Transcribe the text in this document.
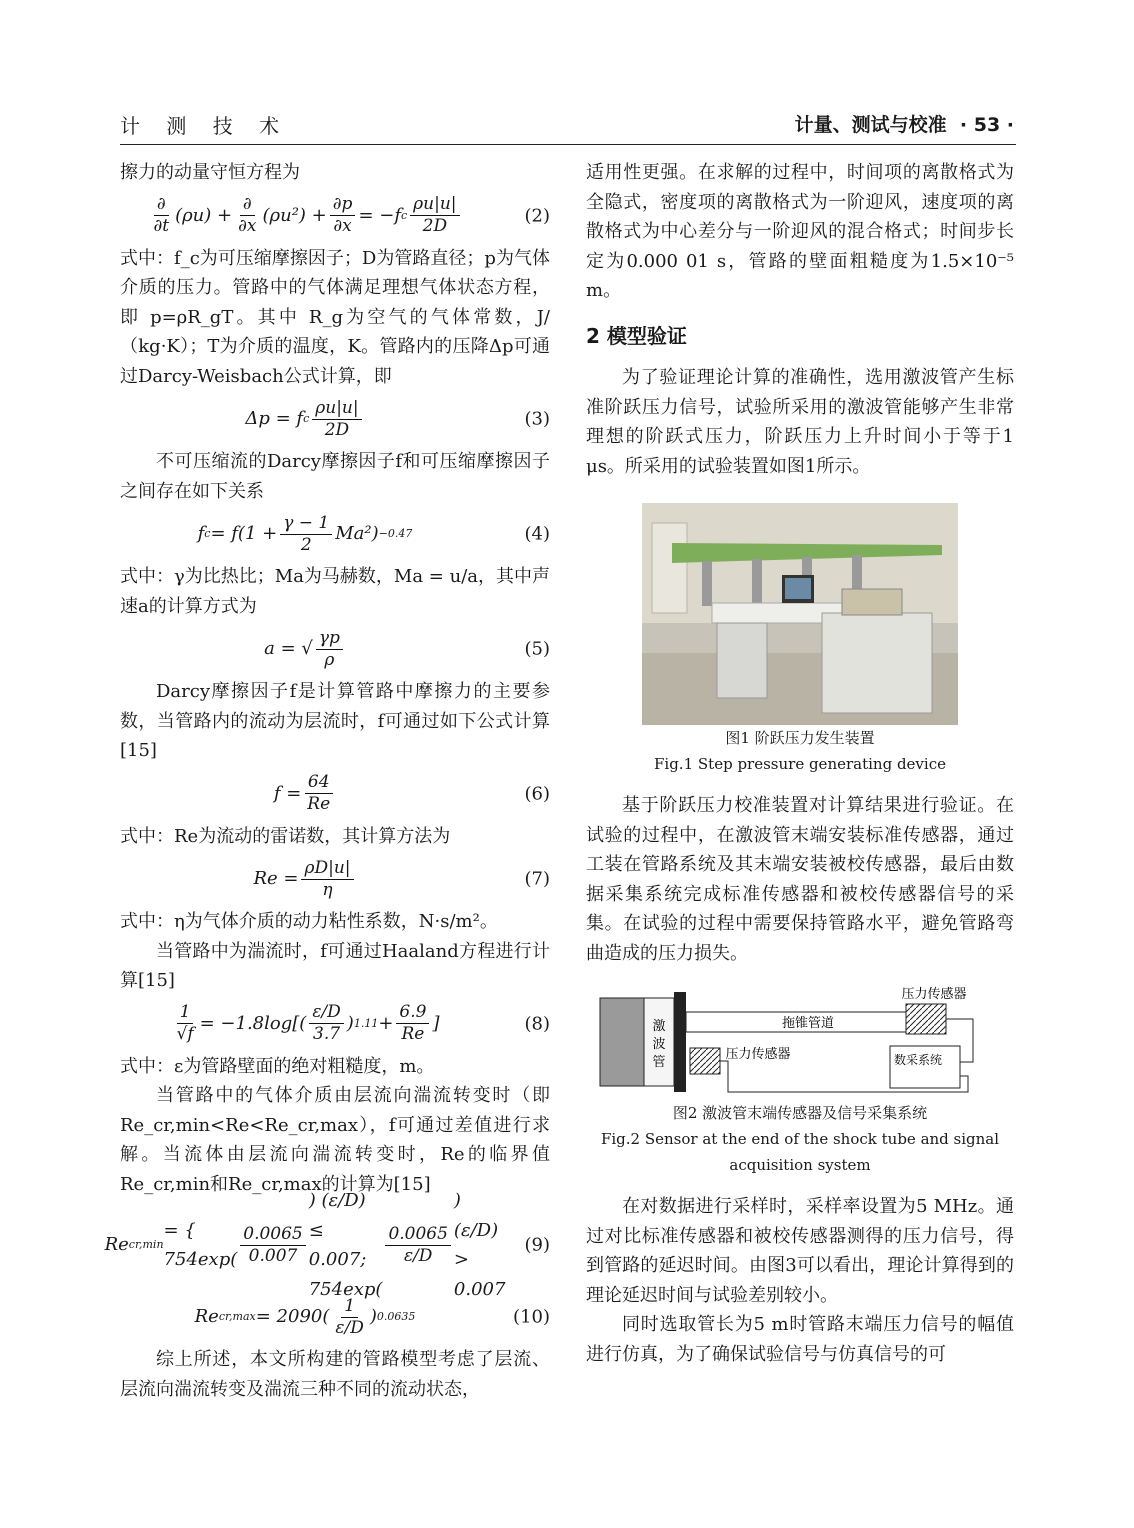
计 测 技 术	计量、测试与校准 · 53 ·

擦力的动量守恒方程为

$\frac{\partial}{\partial t} (\rho u) + \frac{\partial}{\partial x} (\rho u^2) + \frac{\partial p}{\partial x} = -f$ c $\frac{\rho u|u|}{2D}$	(2)

式中：f_c为可压缩摩擦因子；D为管路直径；p为气体介质的压力。管路中的气体满足理想气体状态方程，即 p=ρR_gT。其中 R_g为空气的气体常数，J/（kg·K）；T为介质的温度，K。管路内的压降Δp可通过Darcy-Weisbach公式计算，即

Δp = f c $\frac{\rho u|u|}{2D}$	(3)

不可压缩流的Darcy摩擦因子f和可压缩摩擦因子之间存在如下关系

f $c = f(1 + \frac{\gamma - 1}{2} Ma^2) -0.47$	(4)

式中：γ为比热比；Ma为马赫数，Ma = u/a，其中声速a的计算方式为

a = √ $\frac{\gamma p}{\rho}$	(5)

Darcy摩擦因子f是计算管路中摩擦力的主要参数，当管路内的流动为层流时，f可通过如下公式计算[15]

$f = \frac{64}{Re}$	(6)

式中：Re为流动的雷诺数，其计算方法为

$Re = \frac{\rho D|u|}{\eta}$	(7)

式中：η为气体介质的动力粘性系数，N·s/m²。

当管路中为湍流时，f可通过Haaland方程进行计算[15]

$\frac{1}{√f} = -1.8\log[( \frac{\varepsilon/D}{3.7}$ ) $1.11 + \frac{6.9}{Re}$ ]	(8)

式中：ε为管路壁面的绝对粗糙度，m。

当管路中的气体介质由层流向湍流转变时（即Re_cr,min<Re<Re_cr,max），f可通过差值进行求解。当流体由层流向湍流转变时，Re的临界值Re_cr,min和Re_cr,max的计算为[15]

Re cr,min
= { $754\exp( \frac{0.0065}{0.007}$
) (ε/D) ≤ 0.007; 754exp(
$\frac{0.0065}{\varepsilon/D}$
) (ε/D) > 0.007
(9)
Re $cr,\max = 2090( \frac{1}{\varepsilon/D}$ ) 0.0635	(10)

综上所述，本文所构建的管路模型考虑了层流、层流向湍流转变及湍流三种不同的流动状态，

适用性更强。在求解的过程中，时间项的离散格式为全隐式，密度项的离散格式为一阶迎风，速度项的离散格式为中心差分与一阶迎风的混合格式；时间步长定为0.000 01 s，管路的壁面粗糙度为1.5×10⁻⁵ m。

2 模型验证

为了验证理论计算的准确性，选用激波管产生标准阶跃压力信号，试验所采用的激波管能够产生非常理想的阶跃式压力，阶跃压力上升时间小于等于1 μs。所采用的试验装置如图1所示。

图1 阶跃压力发生装置
Fig.1 Step pressure generating device

基于阶跃压力校准装置对计算结果进行验证。在试验的过程中，在激波管末端安装标准传感器，通过工装在管路系统及其末端安装被校传感器，最后由数据采集系统完成标准传感器和被校传感器信号的采集。在试验的过程中需要保持管路水平，避免管路弯曲造成的压力损失。

激
波
管
拖锥管道
压力传感器
压力传感器	数采系统
图2 激波管末端传感器及信号采集系统
Fig.2 Sensor at the end of the shock tube and signal acquisition system

在对数据进行采样时，采样率设置为5 MHz。通过对比标准传感器和被校传感器测得的压力信号，得到管路的延迟时间。由图3可以看出，理论计算得到的理论延迟时间与试验差别较小。

同时选取管长为5 m时管路末端压力信号的幅值进行仿真，为了确保试验信号与仿真信号的可
